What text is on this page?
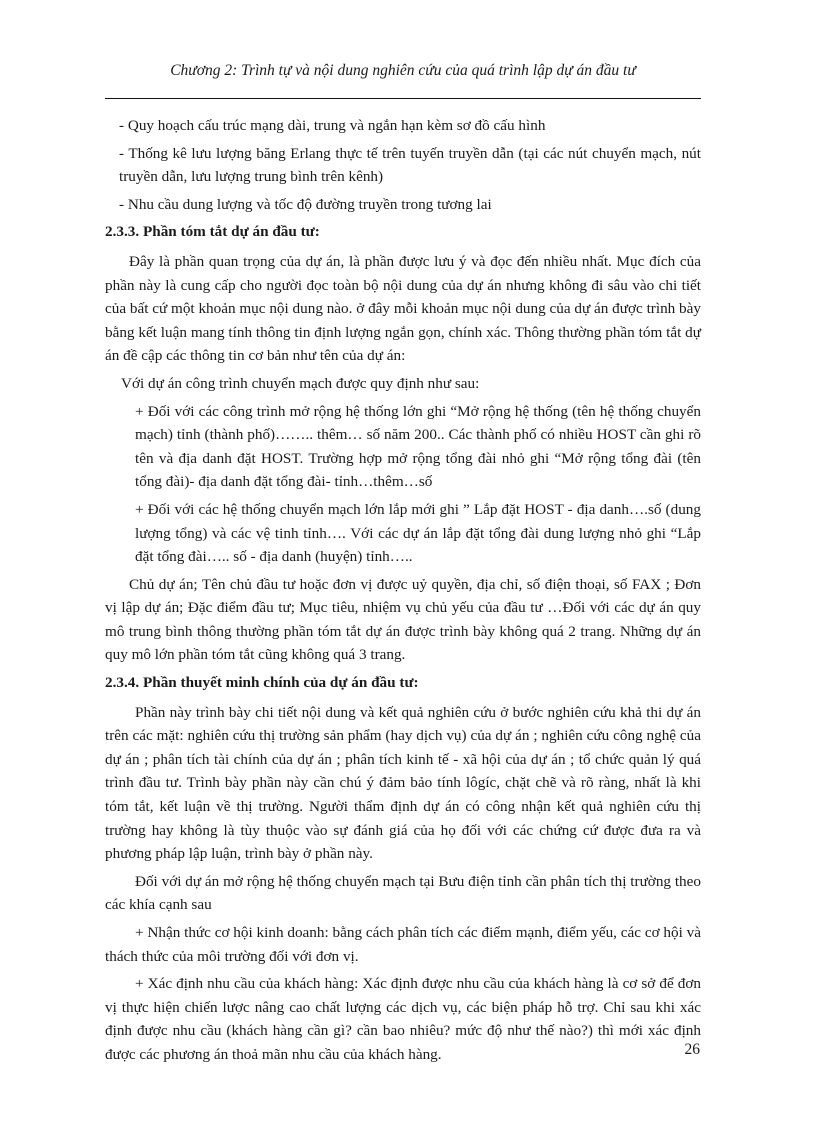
Chương 2: Trình tự và nội dung nghiên cứu của quá trình lập dự án đầu tư

- Quy hoạch cấu trúc mạng dài, trung và ngắn hạn kèm sơ đồ cấu hình

- Thống kê lưu lượng băng Erlang thực tế trên tuyến truyền dẫn (tại các nút chuyển mạch, nút truyền dẫn, lưu lượng trung bình trên kênh)

- Nhu cầu dung lượng và tốc độ đường truyền trong tương lai

2.3.3. Phần tóm tắt dự án đầu tư:

Đây là phần quan trọng của dự án, là phần được lưu ý và đọc đến nhiều nhất. Mục đích của phần này là cung cấp cho người đọc toàn bộ nội dung của dự án nhưng không đi sâu vào chi tiết của bất cứ một khoản mục nội dung nào. ở đây mỗi khoản mục nội dung của dự án được trình bày bằng kết luận mang tính thông tin định lượng ngắn gọn, chính xác. Thông thường phần tóm tắt dự án đề cập các thông tin cơ bản như tên của dự án:

Với dự án công trình chuyển mạch được quy định như sau:

+ Đối với các công trình mở rộng hệ thống lớn ghi “Mở rộng hệ thống (tên hệ thống chuyển mạch) tỉnh (thành phố)…….. thêm… số năm 200.. Các thành phố có nhiều HOST cần ghi rõ tên và địa danh đặt HOST. Trường hợp mở rộng tổng đài nhỏ ghi “Mở rộng tổng đài (tên tổng đài)- địa danh đặt tổng đài- tỉnh…thêm…số

+ Đối với các hệ thống chuyển mạch lớn lắp mới ghi ” Lắp đặt HOST - địa danh….số (dung lượng tổng) và các vệ tinh tỉnh…. Với các dự án lắp đặt tổng đài dung lượng nhỏ ghi “Lắp đặt tổng đài….. số - địa danh (huyện) tỉnh…..

Chủ dự án; Tên chủ đầu tư hoặc đơn vị được uỷ quyền, địa chỉ, số điện thoại, số FAX ; Đơn vị lập dự án; Đặc điểm đầu tư; Mục tiêu, nhiệm vụ chủ yếu của đầu tư …Đối với các dự án quy mô trung bình thông thường phần tóm tắt dự án được trình bày không quá 2 trang. Những dự án quy mô lớn phần tóm tắt cũng không quá 3 trang.

2.3.4. Phần thuyết minh chính của dự án đầu tư:

Phần này trình bày chi tiết nội dung và kết quả nghiên cứu ở bước nghiên cứu khả thi dự án trên các mặt: nghiên cứu thị trường sản phẩm (hay dịch vụ) của dự án ; nghiên cứu công nghệ của dự án ; phân tích tài chính của dự án ; phân tích kinh tế - xã hội của dự án ; tổ chức quản lý quá trình đầu tư. Trình bày phần này cần chú ý đảm bảo tính lôgíc, chặt chẽ và rõ ràng, nhất là khi tóm tắt, kết luận về thị trường. Người thẩm định dự án có công nhận kết quả nghiên cứu thị trường hay không là tùy thuộc vào sự đánh giá của họ đối với các chứng cứ được đưa ra và phương pháp lập luận, trình bày ở phần này.

Đối với dự án mở rộng hệ thống chuyển mạch tại Bưu điện tỉnh cần phân tích thị trường theo các khía cạnh sau

+ Nhận thức cơ hội kinh doanh: bằng cách phân tích các điểm mạnh, điểm yếu, các cơ hội và thách thức của môi trường đối với đơn vị.

+ Xác định nhu cầu của khách hàng: Xác định được nhu cầu của khách hàng là cơ sở để đơn vị thực hiện chiến lược nâng cao chất lượng các dịch vụ, các biện pháp hỗ trợ. Chỉ sau khi xác định được nhu cầu (khách hàng cần gì? cần bao nhiêu? mức độ như thế nào?) thì mới xác định được các phương án thoả mãn nhu cầu của khách hàng.	26
